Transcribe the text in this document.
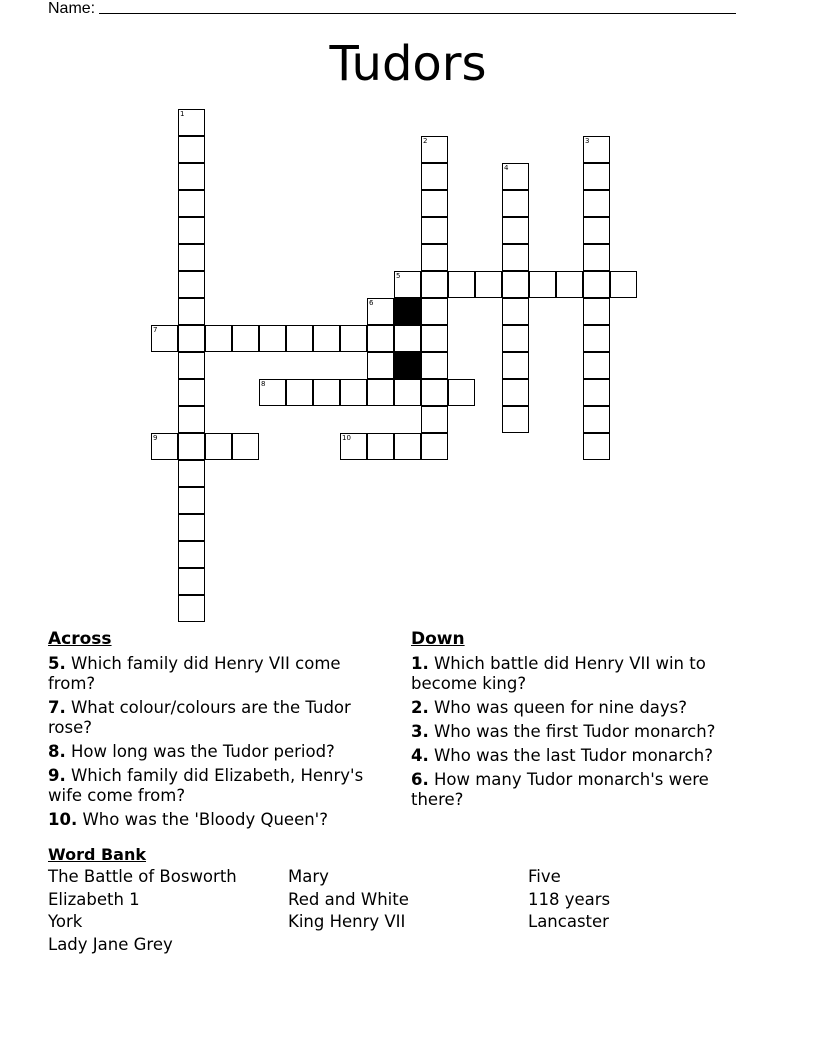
Name:
Tudors
1
2
4
3
5
6
7
8
9	10
Across
5. Which family did Henry VII come from?
7. What colour/colours are the Tudor rose?
8. How long was the Tudor period?
9. Which family did Elizabeth, Henry's wife come from?
10. Who was the 'Bloody Queen'?
Down
1. Which battle did Henry VII win to become king?
2. Who was queen for nine days?
3. Who was the first Tudor monarch?
4. Who was the last Tudor monarch?
6. How many Tudor monarch's were there?
Word Bank
The Battle of Bosworth
Elizabeth 1
York
Lady Jane Grey
Mary
Red and White
King Henry VII
Five
118 years
Lancaster
